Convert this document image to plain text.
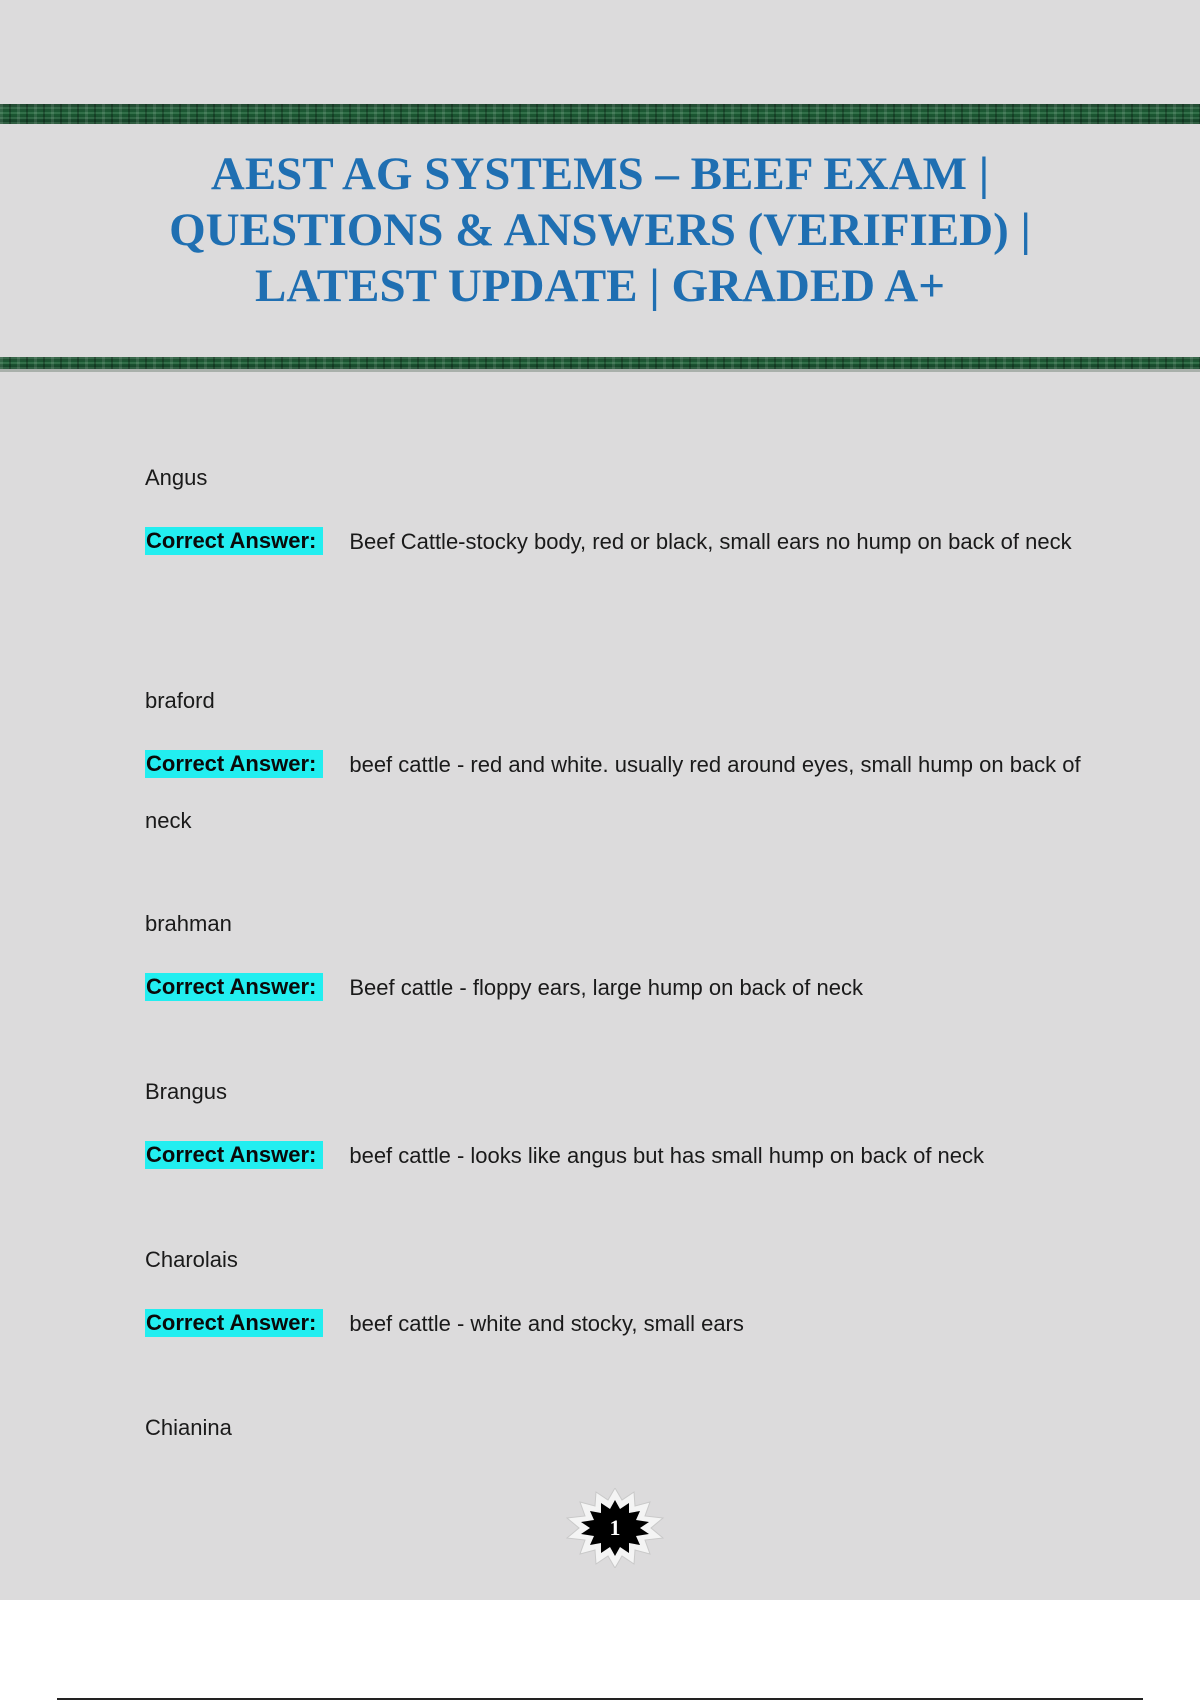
AEST AG SYSTEMS – BEEF EXAM |
QUESTIONS & ANSWERS (VERIFIED) |
LATEST UPDATE | GRADED A+
Angus
Correct Answer: Beef Cattle-stocky body, red or black, small ears no hump on back of neck
braford
Correct Answer: beef cattle - red and white. usually red around eyes, small hump on back of neck
brahman
Correct Answer: Beef cattle - floppy ears, large hump on back of neck
Brangus
Correct Answer: beef cattle - looks like angus but has small hump on back of neck
Charolais
Correct Answer: beef cattle - white and stocky, small ears
Chianina
1
